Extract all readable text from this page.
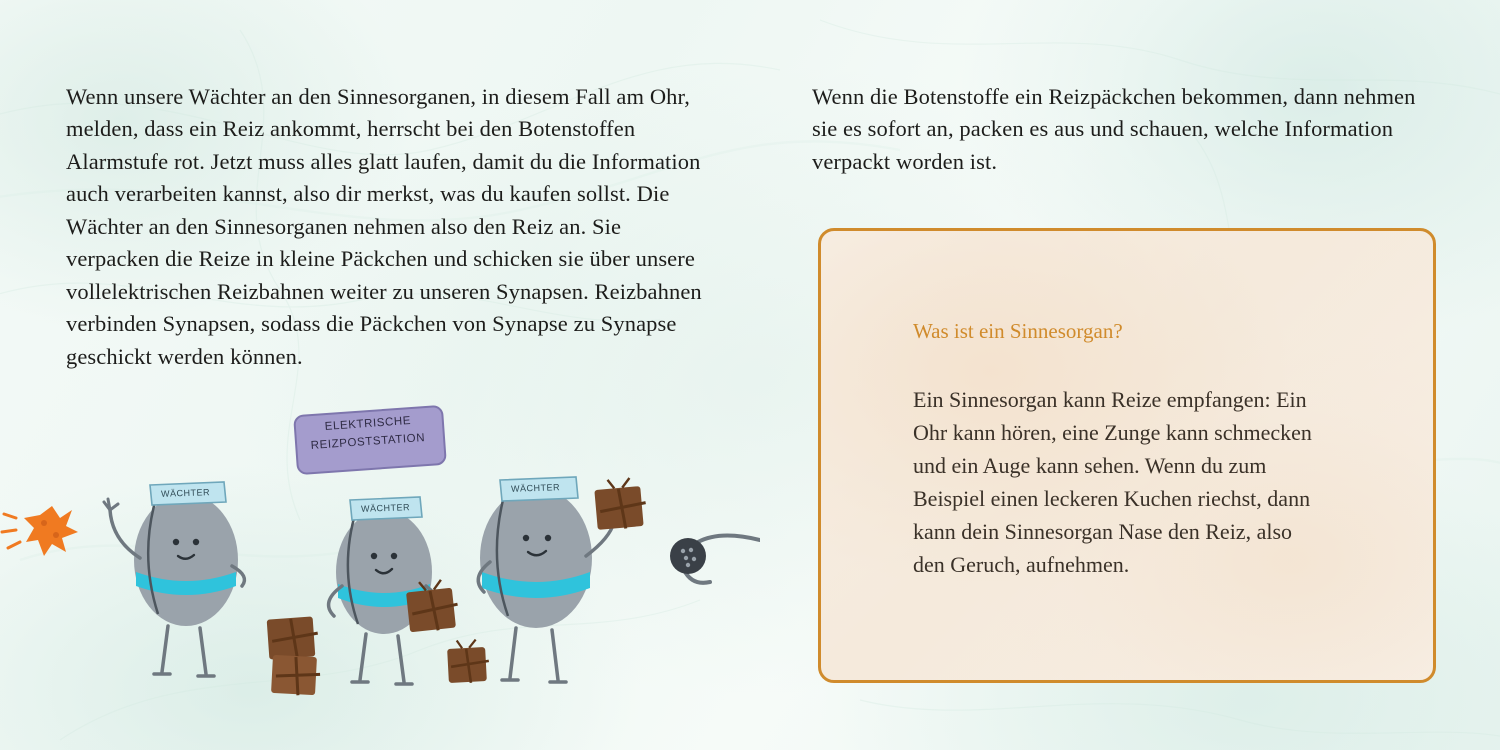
Wenn unsere Wächter an den Sinnesorganen, in diesem Fall am Ohr, melden, dass ein Reiz ankommt, herrscht bei den Botenstoffen Alarmstufe rot. Jetzt muss alles glatt laufen, damit du die Information auch verarbeiten kannst, also dir merkst, was du kaufen sollst. Die Wächter an den Sinnesorganen nehmen also den Reiz an. Sie verpacken die Reize in kleine Päckchen und schicken sie über unsere vollelektrischen Reizbahnen weiter zu unseren Synapsen. Reizbahnen verbinden Synapsen, sodass die Päckchen von Synapse zu Synapse geschickt werden können.

Wenn die Botenstoffe ein Reizpäckchen bekommen, dann nehmen sie es sofort an, packen es aus und schauen, welche Information verpackt worden ist.

Was ist ein Sinnesorgan?

Ein Sinnesorgan kann Reize empfangen: Ein Ohr kann hören, eine Zunge kann schmecken und ein Auge kann sehen. Wenn du zum Beispiel einen leckeren Kuchen riechst, dann kann dein Sinnesorgan Nase den Reiz, also den Geruch, aufnehmen.

ELEKTRISCHE
REIZPOSTSTATION
WÄCHTER
WÄCHTER
WÄCHTER
